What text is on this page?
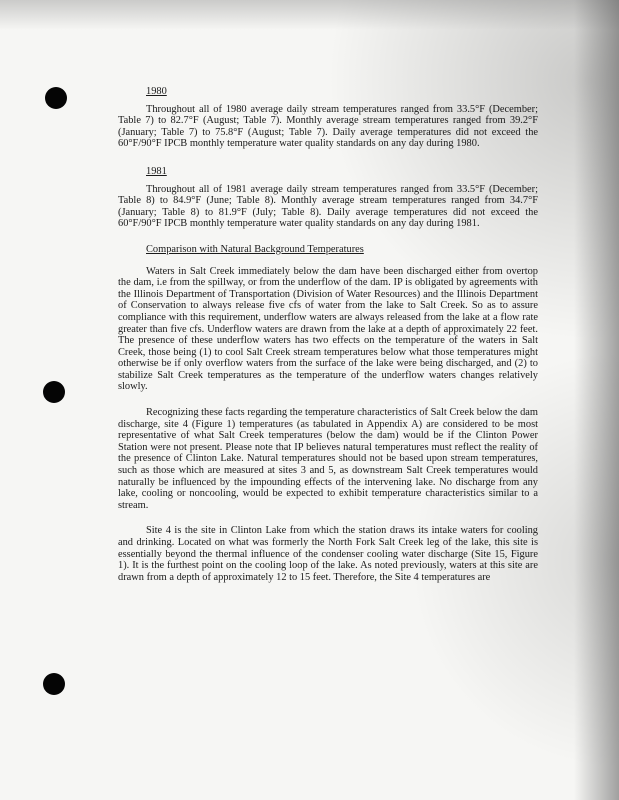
1980

Throughout all of 1980 average daily stream temperatures ranged from 33.5°F (December; Table 7) to 82.7°F (August; Table 7). Monthly average stream temperatures ranged from 39.2°F (January; Table 7) to 75.8°F (August; Table 7). Daily average temperatures did not exceed the 60°F/90°F IPCB monthly temperature water quality standards on any day during 1980.

1981

Throughout all of 1981 average daily stream temperatures ranged from 33.5°F (December; Table 8) to 84.9°F (June; Table 8). Monthly average stream temperatures ranged from 34.7°F (January; Table 8) to 81.9°F (July; Table 8). Daily average temperatures did not exceed the 60°F/90°F IPCB monthly temperature water quality standards on any day during 1981.

Comparison with Natural Background Temperatures

Waters in Salt Creek immediately below the dam have been discharged either from overtop the dam, i.e from the spillway, or from the underflow of the dam. IP is obligated by agreements with the Illinois Department of Transportation (Division of Water Resources) and the Illinois Department of Conservation to always release five cfs of water from the lake to Salt Creek. So as to assure compliance with this requirement, underflow waters are always released from the lake at a flow rate greater than five cfs. Underflow waters are drawn from the lake at a depth of approximately 22 feet. The presence of these underflow waters has two effects on the temperature of the waters in Salt Creek, those being (1) to cool Salt Creek stream temperatures below what those temperatures might otherwise be if only overflow waters from the surface of the lake were being discharged, and (2) to stabilize Salt Creek temperatures as the temperature of the underflow waters changes relatively slowly.

Recognizing these facts regarding the temperature characteristics of Salt Creek below the dam discharge, site 4 (Figure 1) temperatures (as tabulated in Appendix A) are considered to be most representative of what Salt Creek temperatures (below the dam) would be if the Clinton Power Station were not present. Please note that IP believes natural temperatures must reflect the reality of the presence of Clinton Lake. Natural temperatures should not be based upon stream temperatures, such as those which are measured at sites 3 and 5, as downstream Salt Creek temperatures would naturally be influenced by the impounding effects of the intervening lake. No discharge from any lake, cooling or noncooling, would be expected to exhibit temperature characteristics similar to a stream.

Site 4 is the site in Clinton Lake from which the station draws its intake waters for cooling and drinking. Located on what was formerly the North Fork Salt Creek leg of the lake, this site is essentially beyond the thermal influence of the condenser cooling water discharge (Site 15, Figure 1). It is the furthest point on the cooling loop of the lake. As noted previously, waters at this site are drawn from a depth of approximately 12 to 15 feet. Therefore, the Site 4 temperatures are
